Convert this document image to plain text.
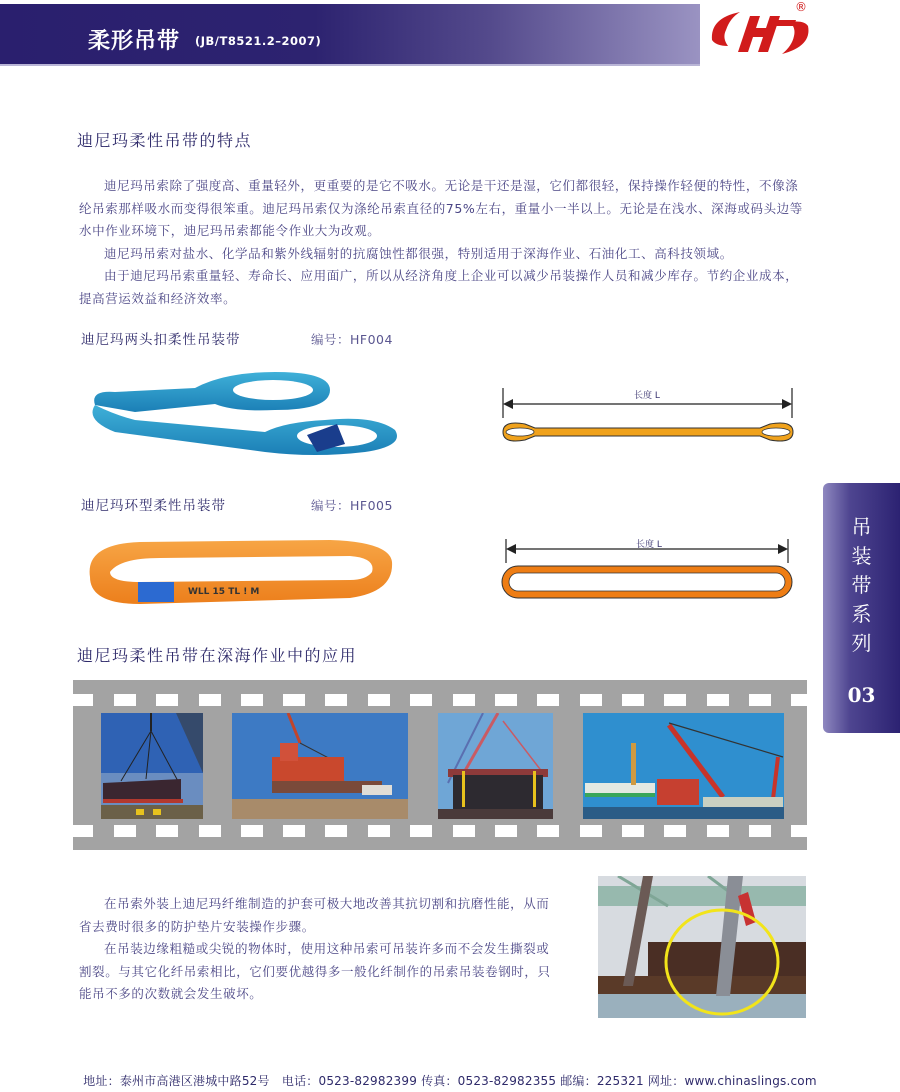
柔形吊带 (JB/T8521.2–2007)
®
迪尼玛柔性吊带的特点

迪尼玛吊索除了强度高、重量轻外，更重要的是它不吸水。无论是干还是湿，它们都很轻，保持操作轻便的特性，不像涤纶吊索那样吸水而变得很笨重。迪尼玛吊索仅为涤纶吊索直径的75%左右，重量小一半以上。无论是在浅水、深海或码头边等水中作业环境下，迪尼玛吊索都能令作业大为改观。

迪尼玛吊索对盐水、化学品和紫外线辐射的抗腐蚀性都很强，特别适用于深海作业、石油化工、高科技领域。

由于迪尼玛吊索重量轻、寿命长、应用面广，所以从经济角度上企业可以减少吊装操作人员和减少库存。节约企业成本，提高营运效益和经济效率。

迪尼玛两头扣柔性吊装带	编号：HF004
长度 L
迪尼玛环型柔性吊装带	编号：HF005
WLL 15 TL ! M
长度 L
吊装带系列
03
迪尼玛柔性吊带在深海作业中的应用

在吊索外装上迪尼玛纤维制造的护套可极大地改善其抗切割和抗磨性能，从而省去费时很多的防护垫片安装操作步骤。

在吊装边缘粗糙或尖锐的物体时，使用这种吊索可吊装许多而不会发生撕裂或割裂。与其它化纤吊索相比，它们要优越得多一般化纤制作的吊索吊装卷钢时，只能吊不多的次数就会发生破坏。

地址：泰州市高港区港城中路52号　电话：0523-82982399 传真：0523-82982355 邮编：225321 网址：www.chinaslings.com
